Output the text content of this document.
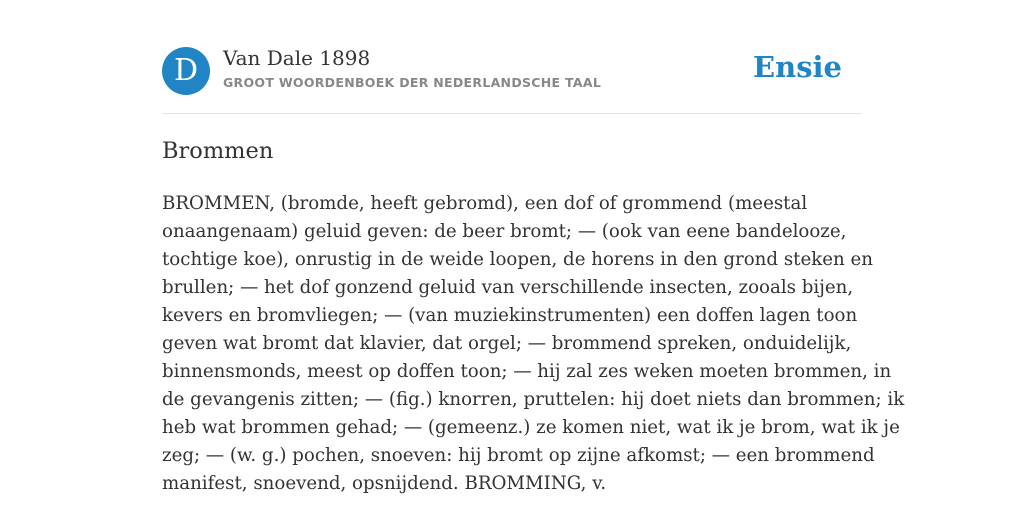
D	Van Dale 1898
GROOT WOORDENBOEK DER NEDERLANDSCHE TAAL	Ensie
Brommen

BROMMEN, (bromde, heeft gebromd), een dof of grommend (meestal
onaangenaam) geluid geven: de beer bromt; — (ook van eene bandelooze,
tochtige koe), onrustig in de weide loopen, de horens in den grond steken en
brullen; — het dof gonzend geluid van verschillende insecten, zooals bijen,
kevers en bromvliegen; — (van muziekinstrumenten) een doffen lagen toon
geven wat bromt dat klavier, dat orgel; — brommend spreken, onduidelijk,
binnensmonds, meest op doffen toon; — hij zal zes weken moeten brommen, in
de gevangenis zitten; — (fig.) knorren, pruttelen: hij doet niets dan brommen; ik
heb wat brommen gehad; — (gemeenz.) ze komen niet, wat ik je brom, wat ik je
zeg; — (w. g.) pochen, snoeven: hij bromt op zijne afkomst; — een brommend
manifest, snoevend, opsnijdend. BROMMING, v.
